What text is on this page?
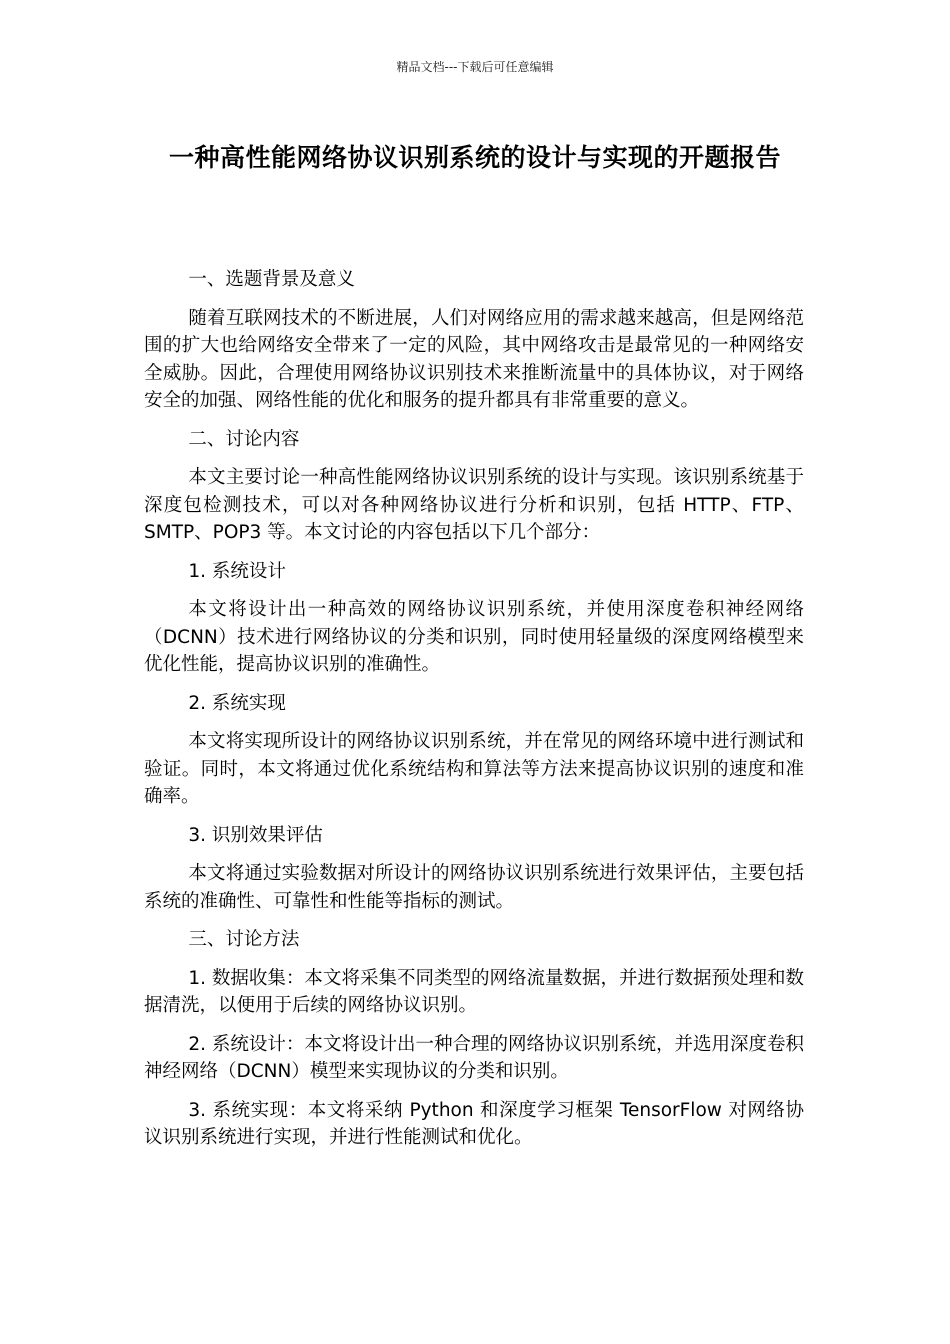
精品文档---下载后可任意编辑
一种高性能网络协议识别系统的设计与实现的开题报告

一、选题背景及意义

随着互联网技术的不断进展，人们对网络应用的需求越来越高，但是网络范围的扩大也给网络安全带来了一定的风险，其中网络攻击是最常见的一种网络安全威胁。因此，合理使用网络协议识别技术来推断流量中的具体协议，对于网络安全的加强、网络性能的优化和服务的提升都具有非常重要的意义。

二、讨论内容

本文主要讨论一种高性能网络协议识别系统的设计与实现。该识别系统基于深度包检测技术，可以对各种网络协议进行分析和识别，包括 HTTP、FTP、SMTP、POP3 等。本文讨论的内容包括以下几个部分：

1. 系统设计

本文将设计出一种高效的网络协议识别系统，并使用深度卷积神经网络（DCNN）技术进行网络协议的分类和识别，同时使用轻量级的深度网络模型来优化性能，提高协议识别的准确性。

2. 系统实现

本文将实现所设计的网络协议识别系统，并在常见的网络环境中进行测试和验证。同时，本文将通过优化系统结构和算法等方法来提高协议识别的速度和准确率。

3. 识别效果评估

本文将通过实验数据对所设计的网络协议识别系统进行效果评估，主要包括系统的准确性、可靠性和性能等指标的测试。

三、讨论方法

1. 数据收集：本文将采集不同类型的网络流量数据，并进行数据预处理和数据清洗，以便用于后续的网络协议识别。

2. 系统设计：本文将设计出一种合理的网络协议识别系统，并选用深度卷积神经网络（DCNN）模型来实现协议的分类和识别。

3. 系统实现：本文将采纳 Python 和深度学习框架 TensorFlow 对网络协议识别系统进行实现，并进行性能测试和优化。
